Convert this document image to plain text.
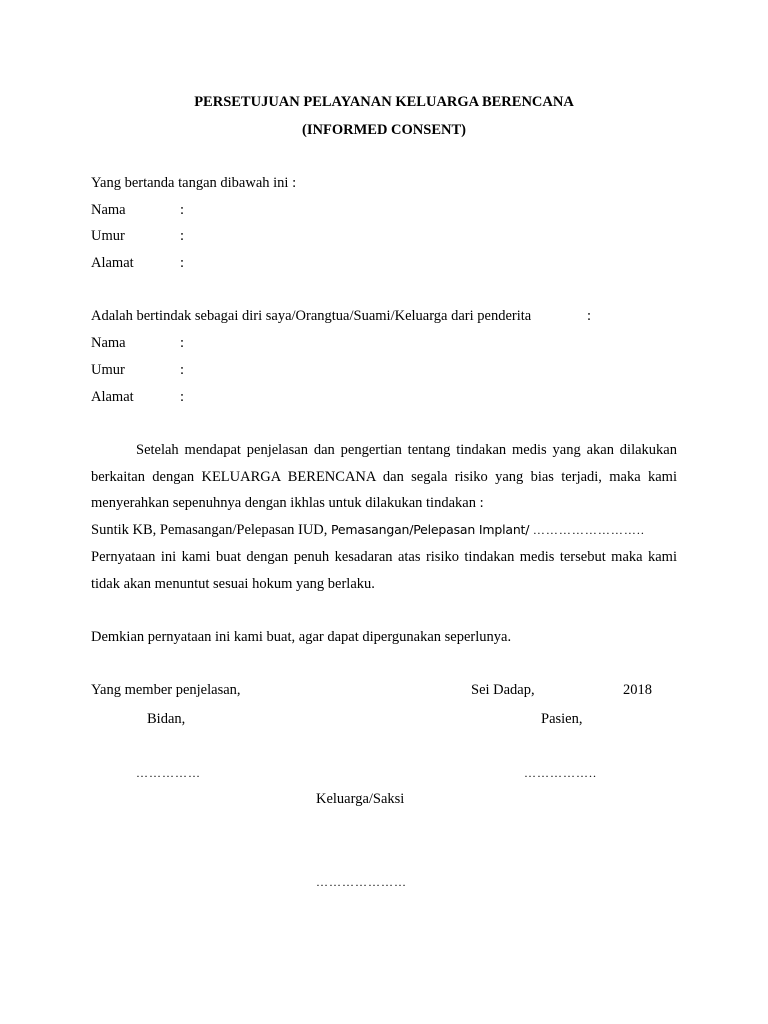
PERSETUJUAN PELAYANAN KELUARGA BERENCANA
(INFORMED CONSENT)
Yang bertanda tangan dibawah ini :
Nama	:
Umur	:
Alamat	:
Adalah bertindak sebagai diri saya/Orangtua/Suami/Keluarga dari penderita	:
Nama	:
Umur	:
Alamat	:
Setelah mendapat penjelasan dan pengertian tentang tindakan medis yang akan dilakukan
berkaitan dengan KELUARGA BERENCANA dan segala risiko yang bias terjadi, maka kami
menyerahkan sepenuhnya dengan ikhlas untuk dilakukan tindakan :
Suntik KB, Pemasangan/Pelepasan IUD, Pemasangan/Pelepasan Implant/ ……………………..
Pernyataan ini kami buat dengan penuh kesadaran atas risiko tindakan medis tersebut maka kami
tidak akan menuntut sesuai hokum yang berlaku.
Demkian pernyataan ini kami buat, agar dapat dipergunakan seperlunya.
Yang member penjelasan,	Sei Dadap,	2018
Bidan,	Pasien,
……………	……………..
Keluarga/Saksi
…………………
